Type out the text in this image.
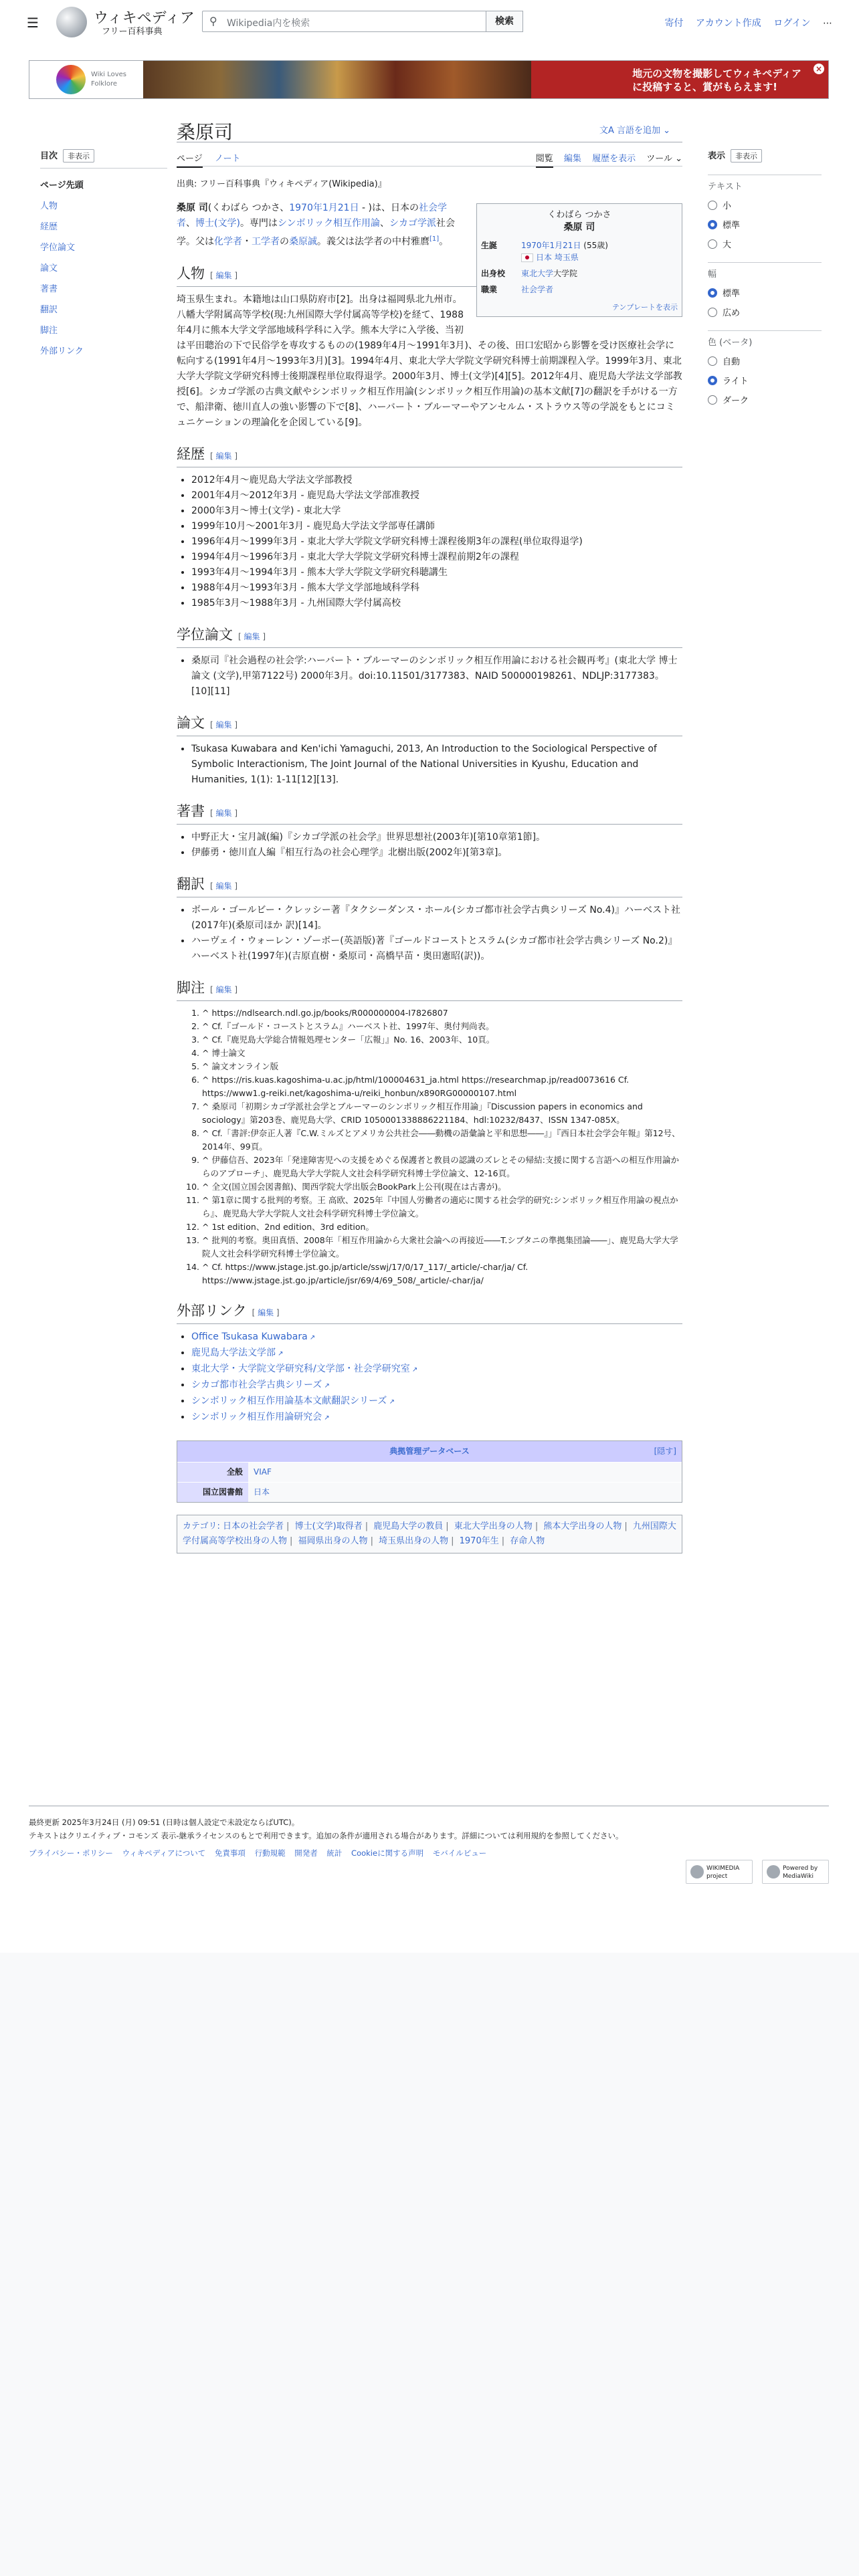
☰	ウィキペディア
フリー百科事典
⚲ Wikipedia内を検索	検索	寄付 アカウント作成 ログイン ⋯
Wiki Loves
Folklore
地元の文物を撮影してウィキペディア
に投稿すると、賞がもらえます!
×
桑原司	文A 言語を追加 ⌄
ページ ノート	閲覧 編集 履歴を表示 ツール ⌄
出典: フリー百科事典『ウィキペディア(Wikipedia)』
目次 非表示
ページ先頭
人物
経歴
学位論文
論文
著書
翻訳
脚注
外部リンク
表示 非表示
テキスト
小
標準
大
幅
標準
広め
色 (ベータ)
自動
ライト
ダーク
くわばら つかさ
桑原 司
生誕	1970年1月21日 (55歳)
日本 埼玉県
出身校	東北大学大学院
職業	社会学者
テンプレートを表示

桑原 司(くわばら つかさ、1970年1月21日 - )は、日本の社会学者、博士(文学)。専門はシンボリック相互作用論、シカゴ学派社会学。父は化学者・工学者の桑原誠。義父は法学者の中村雅麿[1]。

人物 [ 編集 ]

埼玉県生まれ。本籍地は山口県防府市[2]。出身は福岡県北九州市。八幡大学附属高等学校(現:九州国際大学付属高等学校)を経て、1988年4月に熊本大学文学部地域科学科に入学。熊本大学に入学後、当初は平田聰治の下で民俗学を専攻するものの(1989年4月〜1991年3月)、その後、田口宏昭から影響を受け医療社会学に転向する(1991年4月〜1993年3月)[3]。1994年4月、東北大学大学院文学研究科博士前期課程入学。1999年3月、東北大学大学院文学研究科博士後期課程単位取得退学。2000年3月、博士(文学)[4][5]。2012年4月、鹿児島大学法文学部教授[6]。シカゴ学派の古典文献やシンボリック相互作用論(シンボリック相互作用論)の基本文献[7]の翻訳を手がける一方で、船津衛、徳川直人の強い影響の下で[8]、ハーバート・ブルーマーやアンセルム・ストラウス等の学説をもとにコミュニケーションの理論化を企図している[9]。

経歴 [ 編集 ]
• 2012年4月〜鹿児島大学法文学部教授
• 2001年4月〜2012年3月 - 鹿児島大学法文学部准教授
• 2000年3月〜博士(文学) - 東北大学
• 1999年10月〜2001年3月 - 鹿児島大学法文学部専任講師
• 1996年4月〜1999年3月 - 東北大学大学院文学研究科博士課程後期3年の課程(単位取得退学)
• 1994年4月〜1996年3月 - 東北大学大学院文学研究科博士課程前期2年の課程
• 1993年4月〜1994年3月 - 熊本大学大学院文学研究科聴講生
• 1988年4月〜1993年3月 - 熊本大学文学部地域科学科
• 1985年3月〜1988年3月 - 九州国際大学付属高校
学位論文 [ 編集 ]
• 桑原司『社会過程の社会学:ハーバート・ブルーマーのシンボリック相互作用論における社会観再考』(東北大学 博士論文 (文学),甲第7122号) 2000年3月。doi:10.11501/3177383、NAID 500000198261、NDLJP:3177383。[10][11]
論文 [ 編集 ]
• Tsukasa Kuwabara and Ken'ichi Yamaguchi, 2013, An Introduction to the Sociological Perspective of Symbolic Interactionism, The Joint Journal of the National Universities in Kyushu, Education and Humanities, 1(1): 1-11[12][13].
著書 [ 編集 ]
• 中野正大・宝月誠(編)『シカゴ学派の社会学』世界思想社(2003年)[第10章第1節]。
• 伊藤勇・徳川直人編『相互行為の社会心理学』北樹出版(2002年)[第3章]。
翻訳 [ 編集 ]
• ボール・ゴールビー・クレッシー著『タクシーダンス・ホール(シカゴ都市社会学古典シリーズ No.4)』ハーベスト社(2017年)(桑原司ほか 訳)[14]。
• ハーヴェイ・ウォーレン・ゾーボー(英語版)著『ゴールドコーストとスラム(シカゴ都市社会学古典シリーズ No.2)』ハーベスト社(1997年)(吉原直樹・桑原司・高橋早苗・奥田憲昭(訳))。
脚注 [ 編集 ]
1. ^ https://ndlsearch.ndl.go.jp/books/R000000004-I7826807
2. ^ Cf.『ゴールド・コーストとスラム』ハーベスト社、1997年、奥付判尚表。
3. ^ Cf.『鹿児島大学総合情報処理センター「広報」』No. 16、2003年、10頁。
4. ^ 博士論文
5. ^ 論文オンライン版
6. ^ https://ris.kuas.kagoshima-u.ac.jp/html/100004631_ja.html https://researchmap.jp/read0073616 Cf. https://www1.g-reiki.net/kagoshima-u/reiki_honbun/x890RG00000107.html
7. ^ 桑原司「初期シカゴ学派社会学とブルーマーのシンボリック相互作用論」『Discussion papers in economics and sociology』第203巻、鹿児島大学、CRID 1050001338886221184、hdl:10232/8437、ISSN 1347-085X。
8. ^ Cf.「書評:伊奈正人著『C.W.ミルズとアメリカ公共社会――動機の語彙論と平和思想――』」『西日本社会学会年報』第12号、2014年、99頁。
9. ^ 伊藤信吾、2023年「発達障害児への支援をめぐる保護者と教員の認識のズレとその帰結:支援に関する言語への相互作用論からのアプローチ」、鹿児島大学大学院人文社会科学研究科博士学位論文、12-16頁。
10. ^ 全文(国立国会図書館)、関西学院大学出版会BookPark上公刊(現在は古書が)。
11. ^ 第1章に関する批判的考察。王 高欧、2025年『中国人労働者の適応に関する社会学的研究:シンボリック相互作用論の視点から』、鹿児島大学大学院人文社会科学研究科博士学位論文。
12. ^ 1st edition、2nd edition、3rd edition。
13. ^ 批判的考察。奥田真悟、2008年「相互作用論から大衆社会論への再接近――T.シブタニの準拠集団論――」、鹿児島大学大学院人文社会科学研究科博士学位論文。
14. ^ Cf. https://www.jstage.jst.go.jp/article/sswj/17/0/17_117/_article/-char/ja/ Cf. https://www.jstage.jst.go.jp/article/jsr/69/4/69_508/_article/-char/ja/
外部リンク [ 編集 ]
• Office Tsukasa Kuwabara ↗
• 鹿児島大学法文学部 ↗
• 東北大学・大学院文学研究科/文学部・社会学研究室 ↗
• シカゴ都市社会学古典シリーズ ↗
• シンボリック相互作用論基本文献翻訳シリーズ ↗
• シンボリック相互作用論研究会 ↗
典拠管理データベース	[隠す]
全般	VIAF
国立図書館	日本
カテゴリ: 日本の社会学者 | 博士(文学)取得者 | 鹿児島大学の教員 | 東北大学出身の人物 | 熊本大学出身の人物 | 九州国際大学付属高等学校出身の人物 | 福岡県出身の人物 | 埼玉県出身の人物 | 1970年生 | 存命人物
最終更新 2025年3月24日 (月) 09:51 (日時は個人設定で未設定ならばUTC)。
テキストはクリエイティブ・コモンズ 表示-継承ライセンスのもとで利用できます。追加の条件が適用される場合があります。詳細については利用規約を参照してください。
プライバシー・ポリシー ウィキペディアについて 免責事項 行動規範 開発者 統計 Cookieに関する声明 モバイルビュー
WIKIMEDIA project
Powered by MediaWiki
